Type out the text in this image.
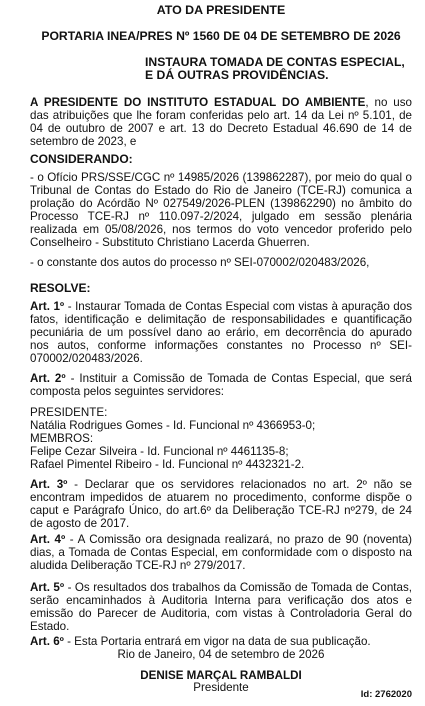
ATO DA PRESIDENTE
PORTARIA INEA/PRES Nº 1560 DE 04 DE SETEMBRO DE 2026
INSTAURA TOMADA DE CONTAS ESPECIAL,
E DÁ OUTRAS PROVIDÊNCIAS.

A PRESIDENTE DO INSTITUTO ESTADUAL DO AMBIENTE, no uso das atribuições que lhe foram conferidas pelo art. 14 da Lei nº 5.101, de 04 de outubro de 2007 e art. 13 do Decreto Estadual 46.690 de 14 de setembro de 2023, e

CONSIDERANDO:

- o Ofício PRS/SSE/CGC nº 14985/2026 (139862287), por meio do qual o Tribunal de Contas do Estado do Rio de Janeiro (TCE-RJ) comunica a prolação do Acórdão Nº 027549/2026-PLEN (139862290) no âmbito do Processo TCE-RJ nº 110.097-2/2024, julgado em sessão plenária realizada em 05/08/2026, nos termos do voto vencedor proferido pelo Conselheiro - Substituto Christiano Lacerda Ghuerren.

- o constante dos autos do processo nº SEI-070002/020483/2026,

RESOLVE:

Art. 1º - Instaurar Tomada de Contas Especial com vistas à apuração dos fatos, identificação e delimitação de responsabilidades e quantificação pecuniária de um possível dano ao erário, em decorrência do apurado nos autos, conforme informações constantes no Processo nº SEI-070002/020483/2026.

Art. 2º - Instituir a Comissão de Tomada de Contas Especial, que será composta pelos seguintes servidores:

PRESIDENTE:
Natália Rodrigues Gomes - Id. Funcional nº 4366953-0;
MEMBROS:
Felipe Cezar Silveira - Id. Funcional nº 4461135-8;
Rafael Pimentel Ribeiro - Id. Funcional nº 4432321-2.

Art. 3º - Declarar que os servidores relacionados no art. 2º não se encontram impedidos de atuarem no procedimento, conforme dispõe o caput e Parágrafo Único, do art.6º da Deliberação TCE-RJ nº279, de 24 de agosto de 2017.

Art. 4º - A Comissão ora designada realizará, no prazo de 90 (noventa) dias, a Tomada de Contas Especial, em conformidade com o disposto na aludida Deliberação TCE-RJ nº 279/2017.

Art. 5º - Os resultados dos trabalhos da Comissão de Tomada de Contas, serão encaminhados à Auditoria Interna para verificação dos atos e emissão do Parecer de Auditoria, com vistas à Controladoria Geral do Estado.

Art. 6º - Esta Portaria entrará em vigor na data de sua publicação.

Rio de Janeiro, 04 de setembro de 2026
DENISE MARÇAL RAMBALDI
Presidente
Id: 2762020
